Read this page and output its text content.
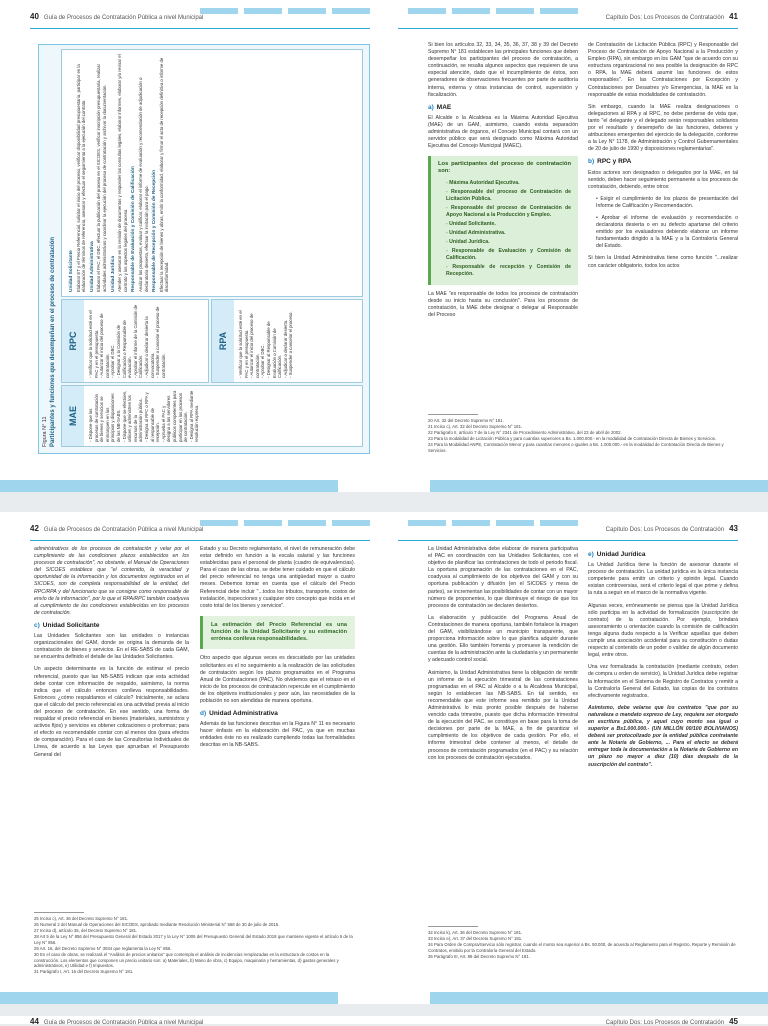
40 Guía de Procesos de Contratación Pública a nivel Municipal
Figura N° 11 Participantes y funciones que desempeñan en el proceso de contratación	MAE
- Dispone que los procesos de contratación de bienes y servicios se enmarquen en los principios y disposiciones de las NB-SABS.
- Dispone que se efectúen, utilicen y administren los recursos de la administración pública.
- Designa al RPC o RPA y al responsable de recepción.
- Aprueba el PAC y designa a los servidores públicos competentes para participar en los procesos de contratación.
- Designa al RPA mediante resolución expresa.
RPC
- Verificar que la solicitud esté en el PAC y en el presupuesto.
- Autorizar el inicio del proceso de contratación.
- Aprobar el DBC.
- Designar a la Comisión de Calificación o Responsable de evaluación.
- Aprobar el informe de la Comisión de Calificación.
- Adjudicar o declarar desierta la convocatoria.
- Suspender o cancelar el proceso de contratación.
RPA
- Verificar que la solicitud esté en el PAC y en el presupuesto.
- Autorizar el inicio del proceso de contratación.
- Aprobar el DBC.
- Designar al Responsable de Evaluación o Comisión de Calificación.
- Adjudicar o declarar desierta.
- Suspender o cancelar el proceso.
Unidad Solicitante Elaborar ET y el Precio Referencial, solicitar el inicio del proceso, verificar disponibilidad presupuestaria, participar en la elaboración de términos de referencia, asesorar y efectuar el seguimiento a la ejecución del contrato. Unidad Administrativa Elaborar el PAC, el DBC, efectuar la publicación del proceso en el SICOES, verificar inscripción presupuestaria, realizar actividades administrativas y coordinar la ejecución del proceso de contratación y archivar la documentación. Unidad Jurídica Atender y asesorar en la revisión de documentos y responder las consultas legales, elaborar informes, elaborar y/o revisar el contrato y los aspectos legales del proceso. Responsable de Evaluación y Comisión de Calificación Analizar las propuestas, evaluar y calificar, elaborar el informe de evaluación y recomendación de adjudicación o declaratoria desierta, efectuar la invitación para el pago. Responsable de Recepción y Comisión de Recepción Efectuar la recepción de bienes y obras, emitir la conformidad, elaborar y firmar el acta de recepción definitiva o informe de disconformidad.
Capítulo Dos: Los Procesos de Contratación 41

Si bien los artículos 32, 33, 34, 35, 36, 37, 38 y 39 del Decreto Supremo N° 181 establecen las principales funciones que deben desempeñar los participantes del proceso de contratación, a continuación, se resalta algunos aspectos que requieren de una especial atención, dado que el incumplimiento de éstos, son generadores de observaciones frecuentes por parte de auditoría interna, externa y otras instancias de control, supervisión y fiscalización.

a) MAE

El Alcalde o la Alcaldesa es la Máxima Autoridad Ejecutiva (MAE) de un GAM, asimismo, cuando exista separación administrativa de órganos, el Concejo Municipal contará con un servidor público que será designado como Máxima Autoridad Ejecutiva del Concejo Municipal (MAEC).

Los participantes del proceso de contratación son:
- Máxima Autoridad Ejecutiva.
- Responsable del proceso de Contratación de Licitación Pública.
- Responsable del proceso de Contratación de Apoyo Nacional a la Producción y Empleo.
- Unidad Solicitante.
- Unidad Administrativa.
- Unidad Jurídica.
- Responsable de Evaluación y Comisión de Calificación.
- Responsable de recepción y Comisión de Recepción.

La MAE "es responsable de todos los procesos de contratación desde su inicio hasta su conclusión". Para los procesos de contratación, la MAE debe designar o delegar al Responsable del Proceso

de Contratación de Licitación Pública (RPC) y Responsable del Proceso de Contratación de Apoyo Nacional a la Producción y Empleo (RPA), sin embargo en los GAM "que de acuerdo con su estructura organizacional no sea posible la designación de RPC o RPA, la MAE deberá asumir las funciones de estos responsables". En las Contrataciones por Excepción y Contrataciones por Desastres y/o Emergencias, la MAE es la responsable de estas modalidades de contratación.

Sin embargo, cuando la MAE realiza designaciones o delegaciones al RPA y al RPC, no debe perderse de vista que, tanto "el delegante y el delegado serán responsables solidarios por el resultado y desempeño de las funciones, deberes y atribuciones emergentes del ejercicio de la delegación, conforme a la Ley N° 1178, de Administración y Control Gubernamentales de 20 de julio de 1990 y disposiciones reglamentarias".

b) RPC y RPA

Estos actores son designados o delegados por la MAE, en tal sentido, deben hacer seguimiento permanente a los procesos de contratación, debiendo, entre otros:

• Exigir el cumplimiento de los plazos de presentación del Informe de Calificación y Recomendación.

• Aprobar el informe de evaluación y recomendación o declaratoria desierta o en su defecto apartarse del criterio emitido por los evaluadores debiendo elaborar un informe fundamentado dirigido a la MAE y a la Contraloría General del Estado.

Si bien la Unidad Administrativa tiene como función "...realizar con carácter obligatorio, todos los actos

20 Art. 32 del Decreto Supremo N° 181.
21 Inciso c), Art. 32 del Decreto Supremo N° 181.
22 Parágrafo II, artículo 7 de la Ley N° 2341 de Procedimiento Administrativo, del 23 de abril de 2002.
23 Para la modalidad de Licitación Pública y para cuantías superiores a Bs. 1.000.000.- en la modalidad de Contratación Directa de Bienes y Servicios.
24 Para la Modalidad ANPE, Contratación Menor y para cuantías menores o iguales a Bs. 1.000.000.- en la modalidad de Contratación Directa de Bienes y Servicios.
42 Guía de Procesos de Contratación Pública a nivel Municipal

administrativos de los procesos de contratación y velar por el cumplimiento de las condiciones plazos establecidos en los procesos de contratación", no obstante, el Manual de Operaciones del SICOES establece que "el contenido, la veracidad y oportunidad de la información y los documentos registrados en el SICOES, son de completa responsabilidad de la entidad, del RPC/RPA y del funcionario que se consigne como responsable de envío de la información", por lo que el RPA/RPC también coadyuva al cumplimiento de las condiciones establecidas en los procesos de contratación.

c) Unidad Solicitante

Las Unidades Solicitantes son las unidades o instancias organizacionales del GAM, donde se origina la demanda de la contratación de bienes y servicios. En el RE-SABS de cada GAM, se encuentra definido el detalle de las Unidades Solicitantes.

Un aspecto determinante es la función de estimar el precio referencial, puesto que las NB-SABS indican que esta actividad debe contar con información de respaldo, asimismo, la norma indica que el cálculo entonces conlleva responsabilidades. Entonces ¿cómo respaldamos el cálculo? Inicialmente, se aclara que el cálculo del precio referencial es una actividad previa al inicio del proceso de contratación. En ese sentido, una forma de respaldar el precio referencial en bienes (materiales, suministros y activos fijos) y servicios es obtener cotizaciones o proformas; para el efecto es recomendable contar con al menos dos (para efectos de comparación). Para el caso de las Consultorías Individuales de Línea, de acuerdo a las Leyes que aprueban el Presupuesto General del

Estado y su Decreto reglamentario, el nivel de remuneración debe estar definido en función a la escala salarial y las funciones establecidas para el personal de planta (cuadro de equivalencias). Para el caso de las obras, se debe tener cuidado en que el cálculo del precio referencial no tenga una antigüedad mayor a cuatro meses. Debemos tomar en cuenta que el cálculo del Precio Referencial debe incluir "...todos los tributos, transporte, costos de instalación, inspecciones y cualquier otro concepto que incida en el costo total de los bienes y servicios".

La estimación del Precio Referencial es una función de la Unidad Solicitante y su estimación errónea conlleva responsabilidades.

Otro aspecto que algunas veces es descuidado por las unidades solicitantes es el no seguimiento a la realización de las solicitudes de contratación según los plazos programados en el Programa Anual de Contrataciones (PAC). No olvidemos que el retraso en el inicio de los procesos de contratación repercute en el cumplimiento de los objetivos institucionales y peor aún, las necesidades de la población no son atendidas de manera oportuna.

d) Unidad Administrativa

Además de las funciones descritas en la Figura N° 11 es necesario hacer énfasis en la elaboración del PAC, ya que en muchas entidades éste no es realizado cumpliendo todas las formalidades descritas en la NB-SABS.

25 Inciso c), Art. 36 del Decreto Supremo N° 181.
26 Numeral 2 del Manual de Operaciones del SICOES, aprobado mediante Resolución Ministerial N° 568 de 30 de julio de 2015.
27 Inciso d), artículo 35, del Decreto Supremo N° 181.
28 Art 5 de la Ley N° 856 del Presupuesto General del Estado 2017 y la Ley N° 1006 del Presupuesto General del Estado 2018 que mantiene vigente el artículo 5 de la Ley N° 856.
29 Art. 16, del Decreto Supremo N° 3034 que reglamenta la Ley N° 856.
30 En el caso de obras, se realizará el "Análisis de precios unitarios" que contempla el análisis de incidencias remplazadas en la estructura de costos en la construcción. Los elementos que componen un precio unitario son: a) Materiales, b) Mano de obra, c) Equipo, maquinaria y herramientas, d) gastos generales y administrativos, e) Utilidad e f) Impuestos.
31 Parágrafo I, Art. 16 del Decreto Supremo N° 181.
Capítulo Dos: Los Procesos de Contratación 43

La Unidad Administrativa debe elaborar de manera participativa el PAC en coordinación con las Unidades Solicitantes, con el objetivo de planificar las contrataciones de todo el periodo fiscal. La oportuna programación de las contrataciones en el PAC, coadyuva al cumplimiento de los objetivos del GAM y con su oportuna publicación y difusión (en el SICOES y mesa de partes), se incrementan las posibilidades de contar con un mayor número de proponentes, lo que disminuye el riesgo de que los procesos de contratación se declaren desiertos.

La elaboración y publicación del Programa Anual de Contrataciones de manera oportuna, también fortalece la imagen del GAM, visibilizándose un municipio transparente, que proporciona información sobre lo que planifica adquirir durante una gestión. Ello también fomenta y promueve la rendición de cuentas de la administración ante la ciudadanía y un permanente y adecuado control social.

Asimismo, la Unidad Administrativa tiene la obligación de remitir un informe de la ejecución trimestral de las contrataciones programadas en el PAC al Alcalde o a la Alcaldesa Municipal, según lo establecen las NB-SABS. En tal sentido, es recomendable que este informe sea remitido por la Unidad Administrativa lo más pronto posible después de haberse vencido cada trimestre, puesto que dicha información trimestral de la ejecución del PAC, se constituye en base para la toma de decisiones por parte de la MAE, a fin de garantizar el cumplimiento de los objetivos de cada gestión. Por ello, el informe trimestral debe contener al menos, el detalle de procesos de contratación programados (en el PAC) y su relación con los procesos de contratación ejecutados.

e) Unidad Jurídica

La Unidad Jurídica tiene la función de asesorar durante el proceso de contratación. La unidad jurídica es la única instancia competente para emitir un criterio y opinión legal. Cuando existan controversias, será el criterio legal el que prime y defina la ruta a seguir en el marco de la normativa vigente.

Algunas veces, erróneamente se piensa que la Unidad Jurídica sólo participa en la actividad de formalización (suscripción de contrato) de la contratación. Por ejemplo, brindará asesoramiento u orientación cuando la comisión de calificación tenga alguna duda respecto a la Verificar aquellas que deben cumplir una asociación accidental para su constitución o dudas respecto al contenido de un poder o validez de algún documento legal, entre otros.

Una vez formalizada la contratación (mediante contrato, orden de compra u orden de servicio), la Unidad Jurídica debe registrar la información en el Sistema de Registro de Contratos y remitir a la Contraloría General del Estado, las copias de los contratos efectivamente registrados.

Asimismo, debe velarse que los contratos "que por su naturaleza o mandato expreso de Ley, requiera ser otorgado en escritura pública, y aquel cuyo monto sea igual o superior a Bs1.000.000.- (UN MILLÓN 00/100 BOLIVIANOS) deberá ser protocolizado por la entidad pública contratante ante la Notaría de Gobierno, ... Para el efecto se deberá entregar toda la documentación a la Notaría de Gobierno en un plazo no mayor a diez (10) días después de la suscripción del contrato".

32 Inciso k), Art. 36 del Decreto Supremo N° 181.
33 Inciso e), Art. 37 del Decreto Supremo N° 181.
34 Para Orden de Compra/Servicio sólo registrar, cuando el monto sea superior a Bs. 50.000, de acuerdo al Reglamento para el Registro, Reporte y Remisión de Contratos, emitido por la Contraloría General del Estado.
35 Parágrafo III, Art. 88 del Decreto Supremo N° 181.
44 Guía de Procesos de Contratación Pública a nivel Municipal	Capítulo Dos: Los Procesos de Contratación 45
